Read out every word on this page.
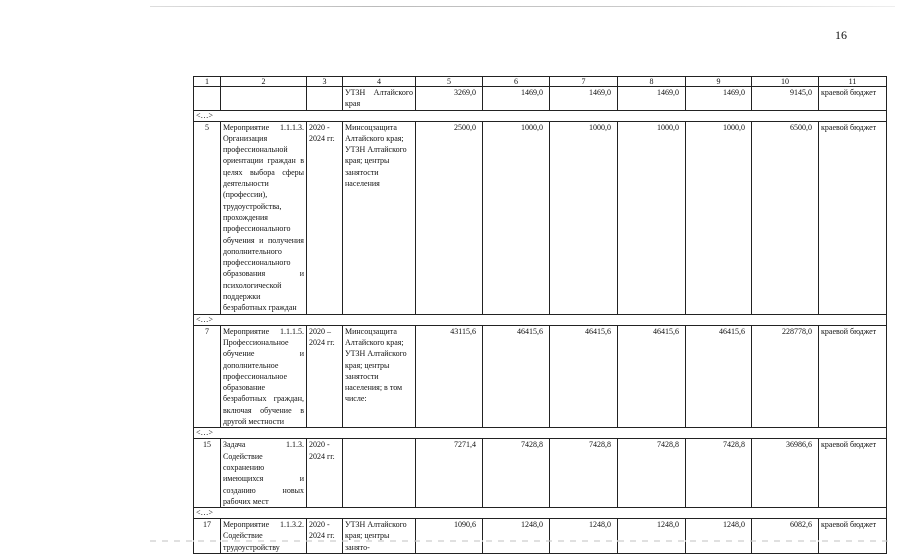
16
1	2	3	4	5	6	7	8	9	10	11
			УТЗН Алтайского края	3269,0	1469,0	1469,0	1469,0	1469,0	9145,0	краевой бюджет
<…>										
5	Мероприятие 1.1.1.3. Организация профессиональной ориентации граждан в целях выбора сферы деятельности (профессии), трудоустройства, прохождения профессионального обучения и получения дополнительного профессионального образования и психологической поддержки безработных граждан	2020 - 2024 гг.	Минсоцзащита Алтайского края; УТЗН Алтайского края; центры занятости населения	2500,0	1000,0	1000,0	1000,0	1000,0	6500,0	краевой бюджет
<…>										
7	Мероприятие 1.1.1.5. Профессиональное обучение и дополнительное профессиональное образование безработных граждан, включая обучение в другой местности	2020 – 2024 гг.	Минсоцзащита Алтайского края; УТЗН Алтайского края; центры занятости населения; в том числе:	43115,6	46415,6	46415,6	46415,6	46415,6	228778,0	краевой бюджет
<…>										
15	Задача 1.1.3. Содействие сохранению имеющихся и созданию новых рабочих мест	2020 - 2024 гг.		7271,4	7428,8	7428,8	7428,8	7428,8	36986,6	краевой бюджет
<…>										
17	Мероприятие 1.1.3.2. Содействие трудоустройству	2020 - 2024 гг.	УТЗН Алтайского края; центры занято-	1090,6	1248,0	1248,0	1248,0	1248,0	6082,6	краевой бюджет
